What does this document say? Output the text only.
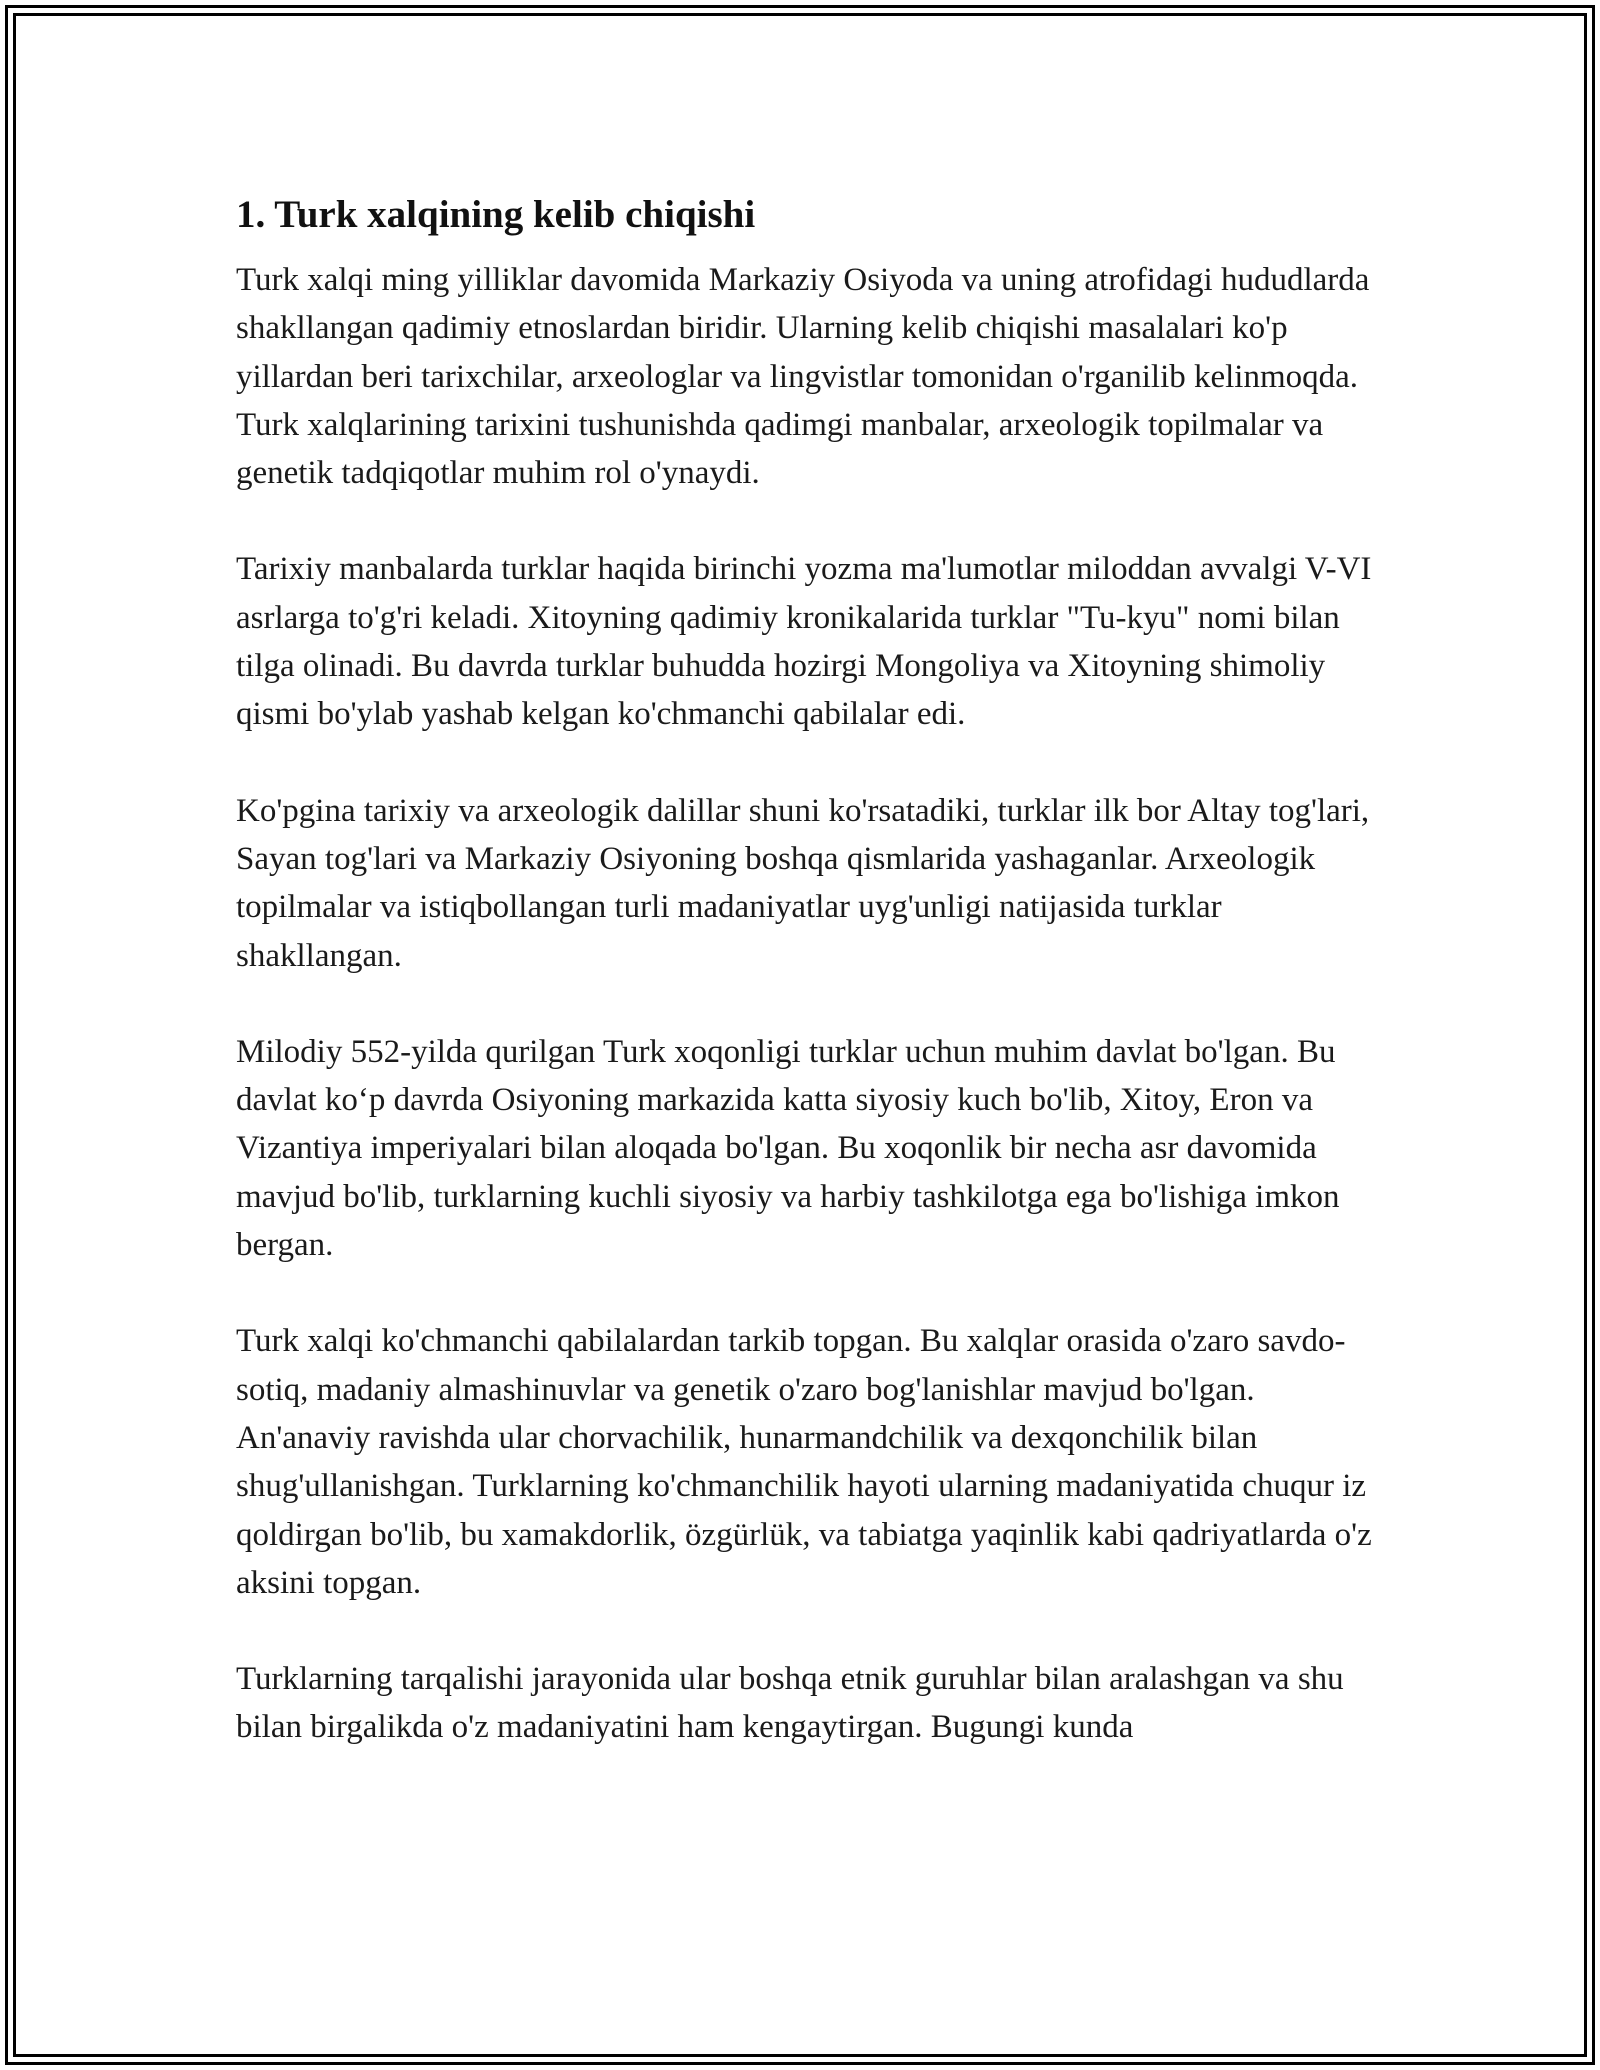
1. Turk xalqining kelib chiqishi

Turk xalqi ming yilliklar davomida Markaziy Osiyoda va uning atrofidagi hududlarda shakllangan qadimiy etnoslardan biridir. Ularning kelib chiqishi masalalari ko'p yillardan beri tarixchilar, arxeologlar va lingvistlar tomonidan o'rganilib kelinmoqda. Turk xalqlarining tarixini tushunishda qadimgi manbalar, arxeologik topilmalar va genetik tadqiqotlar muhim rol o'ynaydi.

Tarixiy manbalarda turklar haqida birinchi yozma ma'lumotlar miloddan avvalgi V-VI asrlarga to'g'ri keladi. Xitoyning qadimiy kronikalarida turklar "Tu-kyu" nomi bilan tilga olinadi. Bu davrda turklar buhudda hozirgi Mongoliya va Xitoyning shimoliy qismi bo'ylab yashab kelgan ko'chmanchi qabilalar edi.

Ko'pgina tarixiy va arxeologik dalillar shuni ko'rsatadiki, turklar ilk bor Altay tog'lari, Sayan tog'lari va Markaziy Osiyoning boshqa qismlarida yashaganlar. Arxeologik topilmalar va istiqbollangan turli madaniyatlar uyg'unligi natijasida turklar shakllangan.

Milodiy 552-yilda qurilgan Turk xoqonligi turklar uchun muhim davlat bo'lgan. Bu davlat ko‘p davrda Osiyoning markazida katta siyosiy kuch bo'lib, Xitoy, Eron va Vizantiya imperiyalari bilan aloqada bo'lgan. Bu xoqonlik bir necha asr davomida mavjud bo'lib, turklarning kuchli siyosiy va harbiy tashkilotga ega bo'lishiga imkon bergan.

Turk xalqi ko'chmanchi qabilalardan tarkib topgan. Bu xalqlar orasida o'zaro savdo-sotiq, madaniy almashinuvlar va genetik o'zaro bog'lanishlar mavjud bo'lgan. An'anaviy ravishda ular chorvachilik, hunarmandchilik va dexqonchilik bilan shug'ullanishgan. Turklarning ko'chmanchilik hayoti ularning madaniyatida chuqur iz qoldirgan bo'lib, bu xamakdorlik, özgürlük, va tabiatga yaqinlik kabi qadriyatlarda o'z aksini topgan.

Turklarning tarqalishi jarayonida ular boshqa etnik guruhlar bilan aralashgan va shu bilan birgalikda o'z madaniyatini ham kengaytirgan. Bugungi kunda
